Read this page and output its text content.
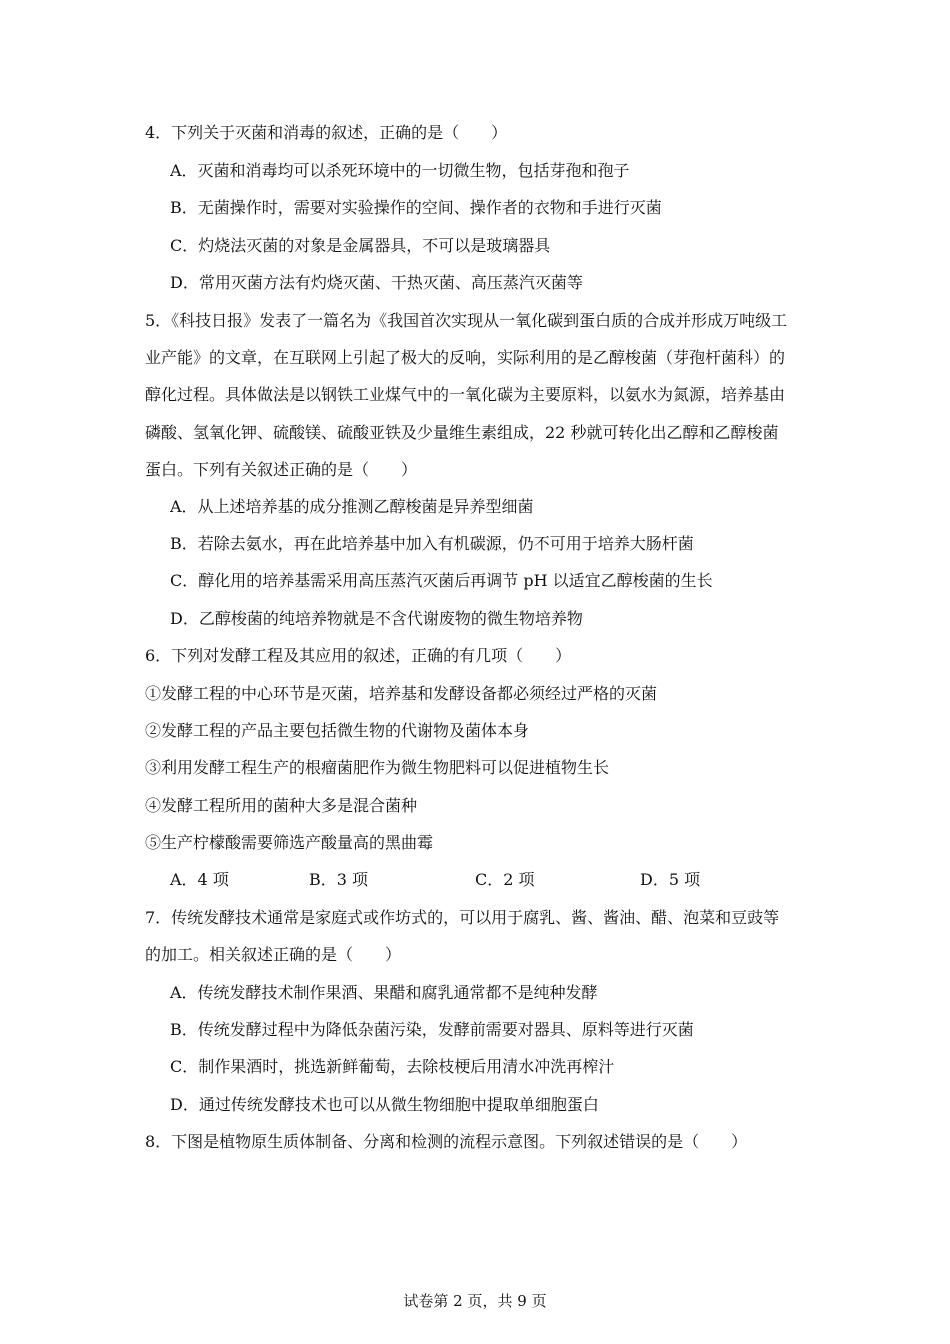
4．下列关于灭菌和消毒的叙述，正确的是（　　）
A．灭菌和消毒均可以杀死环境中的一切微生物，包括芽孢和孢子
B．无菌操作时，需要对实验操作的空间、操作者的衣物和手进行灭菌
C．灼烧法灭菌的对象是金属器具，不可以是玻璃器具
D．常用灭菌方法有灼烧灭菌、干热灭菌、高压蒸汽灭菌等
5．《科技日报》发表了一篇名为《我国首次实现从一氧化碳到蛋白质的合成并形成万吨级工
业产能》的文章，在互联网上引起了极大的反响，实际利用的是乙醇梭菌（芽孢杆菌科）的
醇化过程。具体做法是以钢铁工业煤气中的一氧化碳为主要原料，以氨水为氮源，培养基由
磷酸、氢氧化钾、硫酸镁、硫酸亚铁及少量维生素组成，22 秒就可转化出乙醇和乙醇梭菌
蛋白。下列有关叙述正确的是（　　）
A．从上述培养基的成分推测乙醇梭菌是异养型细菌
B．若除去氨水，再在此培养基中加入有机碳源，仍不可用于培养大肠杆菌
C．醇化用的培养基需采用高压蒸汽灭菌后再调节 pH 以适宜乙醇梭菌的生长
D．乙醇梭菌的纯培养物就是不含代谢废物的微生物培养物
6．下列对发酵工程及其应用的叙述，正确的有几项（　　）
①发酵工程的中心环节是灭菌，培养基和发酵设备都必须经过严格的灭菌
②发酵工程的产品主要包括微生物的代谢物及菌体本身
③利用发酵工程生产的根瘤菌肥作为微生物肥料可以促进植物生长
④发酵工程所用的菌种大多是混合菌种
⑤生产柠檬酸需要筛选产酸量高的黑曲霉
A．4 项	B．3 项	C．2 项	D．5 项
7．传统发酵技术通常是家庭式或作坊式的，可以用于腐乳、酱、酱油、醋、泡菜和豆豉等
的加工。相关叙述正确的是（　　）
A．传统发酵技术制作果酒、果醋和腐乳通常都不是纯种发酵
B．传统发酵过程中为降低杂菌污染，发酵前需要对器具、原料等进行灭菌
C．制作果酒时，挑选新鲜葡萄，去除枝梗后用清水冲洗再榨汁
D．通过传统发酵技术也可以从微生物细胞中提取单细胞蛋白
8．下图是植物原生质体制备、分离和检测的流程示意图。下列叙述错误的是（　　）
试卷第 2 页，共 9 页
